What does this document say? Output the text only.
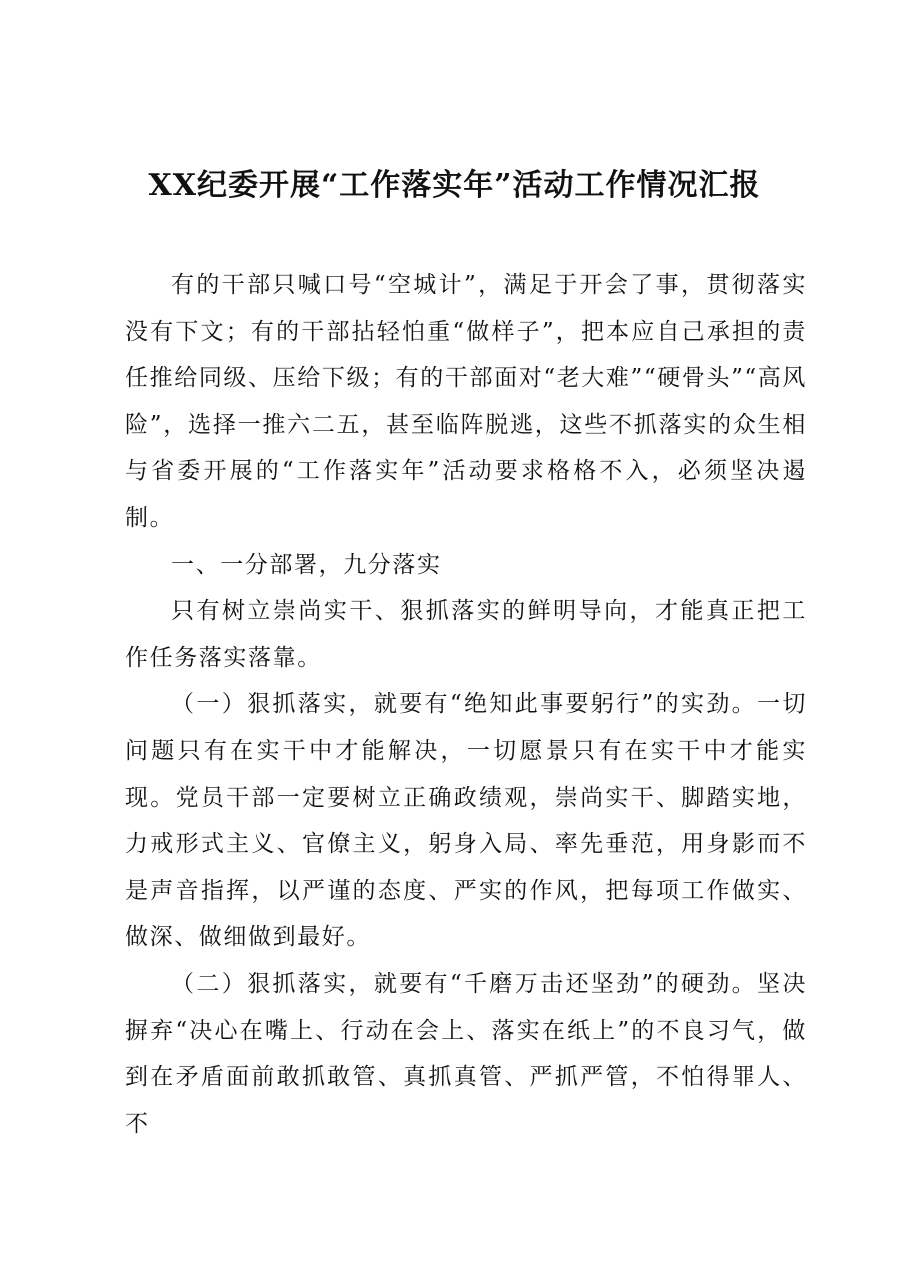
XX纪委开展“工作落实年”活动工作情况汇报

有的干部只喊口号“空城计”，满足于开会了事，贯彻落实没有下文；有的干部拈轻怕重“做样子”，把本应自己承担的责任推给同级、压给下级；有的干部面对“老大难”“硬骨头”“高风险”，选择一推六二五，甚至临阵脱逃，这些不抓落实的众生相与省委开展的“工作落实年”活动要求格格不入，必须坚决遏制。

一、一分部署，九分落实

只有树立崇尚实干、狠抓落实的鲜明导向，才能真正把工作任务落实落靠。

（一）狠抓落实，就要有“绝知此事要躬行”的实劲。一切问题只有在实干中才能解决，一切愿景只有在实干中才能实现。党员干部一定要树立正确政绩观，崇尚实干、脚踏实地，力戒形式主义、官僚主义，躬身入局、率先垂范，用身影而不是声音指挥，以严谨的态度、严实的作风，把每项工作做实、做深、做细做到最好。

（二）狠抓落实，就要有“千磨万击还坚劲”的硬劲。坚决摒弃“决心在嘴上、行动在会上、落实在纸上”的不良习气，做到在矛盾面前敢抓敢管、真抓真管、严抓严管，不怕得罪人、不
